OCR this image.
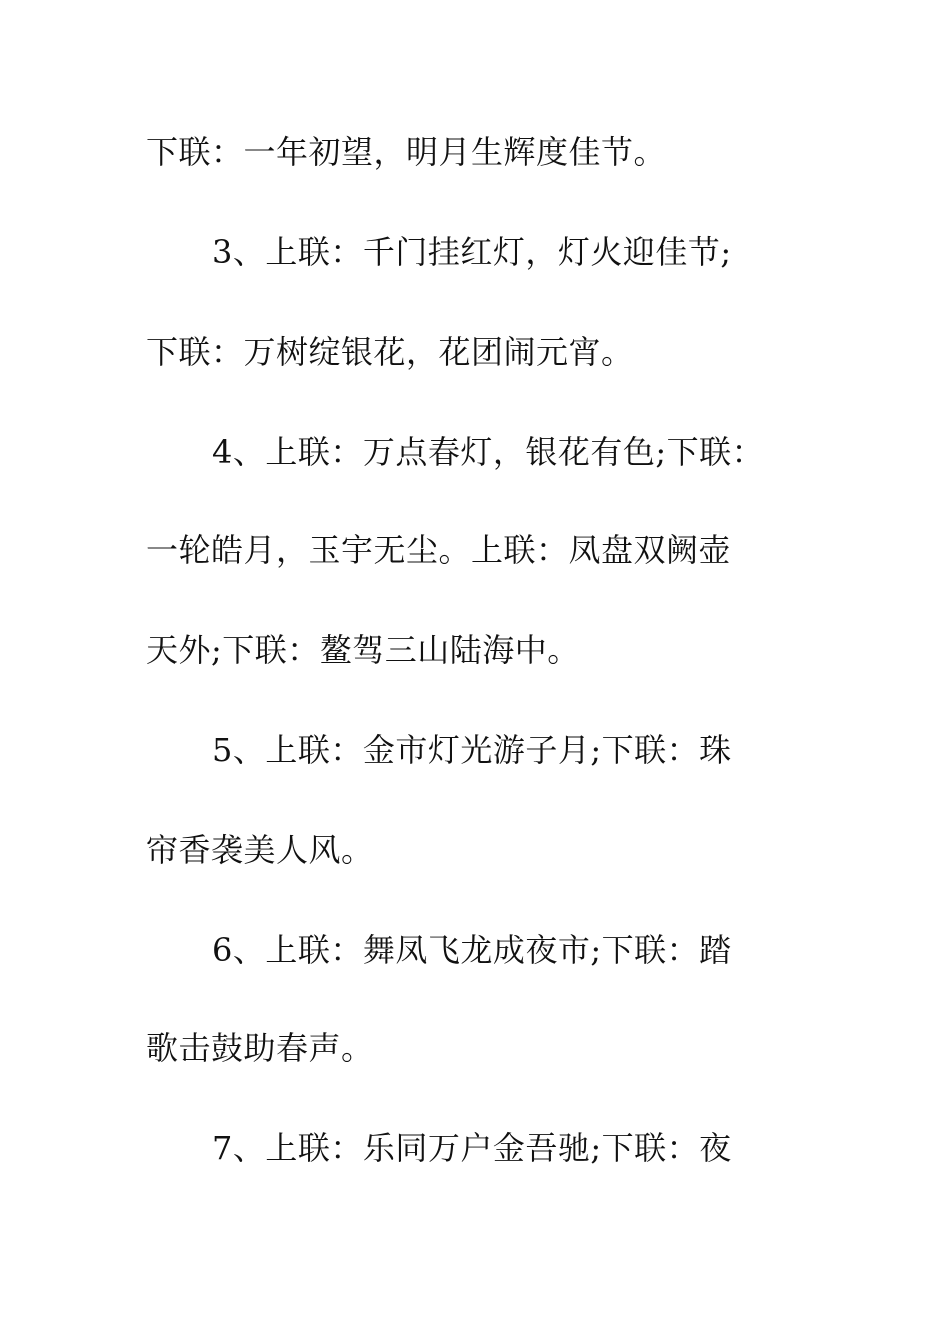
下联：一年初望，明月生辉度佳节。
3、上联：千门挂红灯，灯火迎佳节;
下联：万树绽银花，花团闹元宵。
4、上联：万点春灯，银花有色;下联：
一轮皓月，玉宇无尘。上联：凤盘双阙壶
天外;下联：鳌驾三山陆海中。
5、上联：金市灯光游子月;下联：珠
帘香袭美人风。
6、上联：舞凤飞龙成夜市;下联：踏
歌击鼓助春声。
7、上联：乐同万户金吾驰;下联：夜
